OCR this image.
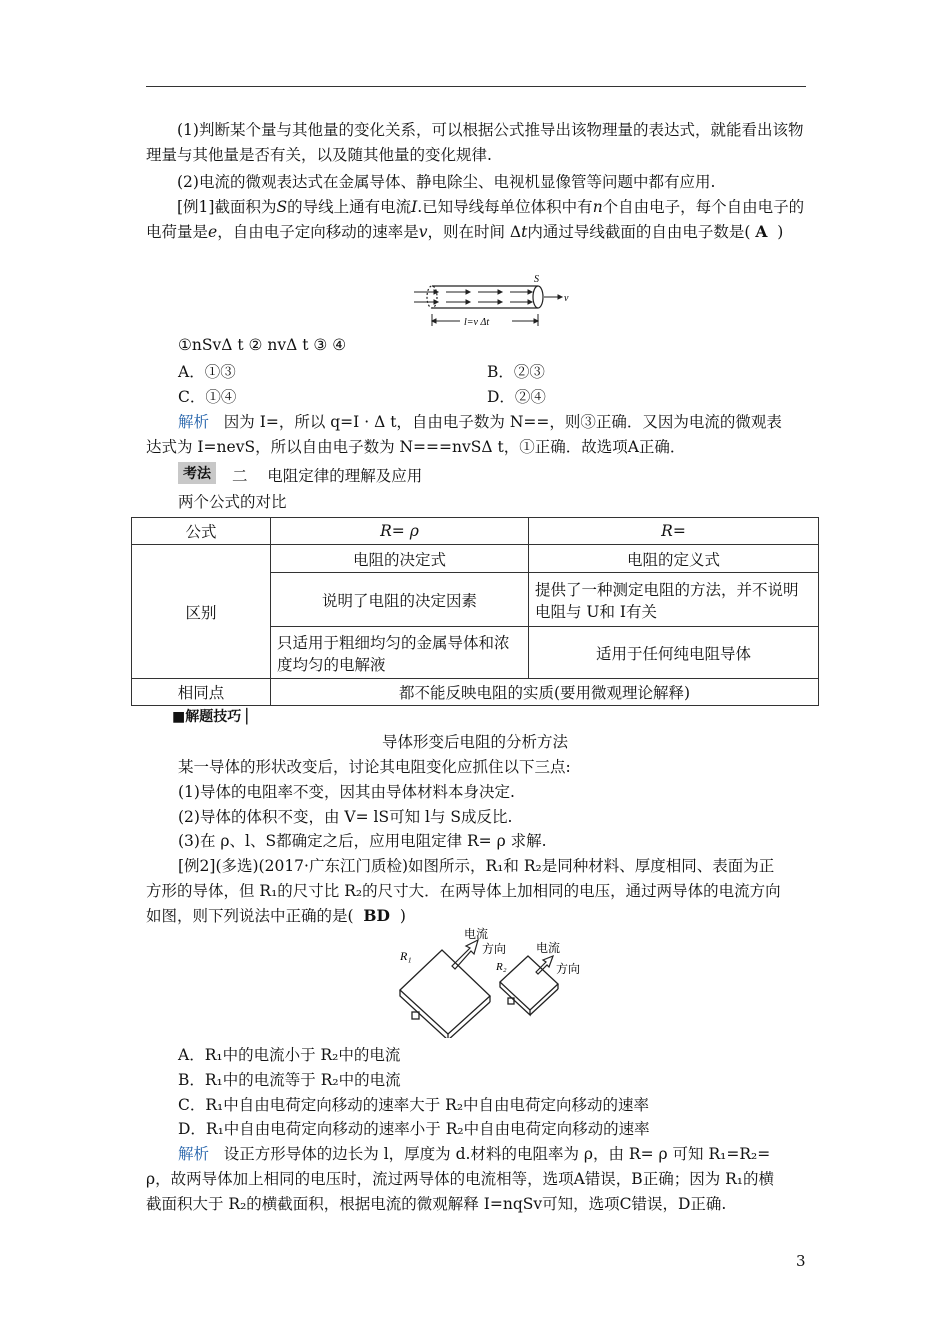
(1)判断某个量与其他量的变化关系，可以根据公式推导出该物理量的表达式，就能看出该物理量与其他量是否有关，以及随其他量的变化规律.
(2)电流的微观表达式在金属导体、静电除尘、电视机显像管等问题中都有应用.
[例1]截面积为S的导线上通有电流I.已知导线每单位体积中有n个自由电子，每个自由电子的电荷量是e，自由电子定向移动的速率是v，则在时间 Δt内通过导线截面的自由电子数是( A )
S
v
l=v Δt
①nSvΔ t ② nvΔ t ③ ④
A．①③	B．②③
C．①④	D．②④
解析 因为 I=，所以 q=I · Δ t，自由电子数为 N==，则③正确．又因为电流的微观表
达式为 I=nevS，所以自由电子数为 N===nvSΔ t，①正确．故选项A正确．
考法	二 电阻定律的理解及应用
两个公式的对比
公式	R= ρ	R=
区别	电阻的决定式	电阻的定义式
	说明了电阻的决定因素	提供了一种测定电阻的方法，并不说明电阻与 U和 I有关
	只适用于粗细均匀的金属导体和浓度均匀的电解液	适用于任何纯电阻导体
相同点	都不能反映电阻的实质(要用微观理论解释)	
■解题技巧 ▏
导体形变后电阻的分析方法
某一导体的形状改变后，讨论其电阻变化应抓住以下三点:
(1)导体的电阻率不变，因其由导体材料本身决定.
(2)导体的体积不变，由 V= lS可知 l与 S成反比.
(3)在 ρ、l、S都确定之后，应用电阻定律 R= ρ 求解.
[例2](多选)(2017·广东江门质检)如图所示，R₁和 R₂是同种材料、厚度相同、表面为正
方形的导体，但 R₁的尺寸比 R₂的尺寸大．在两导体上加相同的电压，通过两导体的电流方向
如图，则下列说法中正确的是( BD )
R₁
R₂
电流
方向 电流
方向
A．R₁中的电流小于 R₂中的电流
B．R₁中的电流等于 R₂中的电流
C．R₁中自由电荷定向移动的速率大于 R₂中自由电荷定向移动的速率
D．R₁中自由电荷定向移动的速率小于 R₂中自由电荷定向移动的速率
解析 设正方形导体的边长为 l，厚度为 d.材料的电阻率为 ρ，由 R= ρ 可知 R₁=R₂=
ρ，故两导体加上相同的电压时，流过两导体的电流相等，选项A错误，B正确；因为 R₁的横
截面积大于 R₂的横截面积，根据电流的微观解释 I=nqSv可知，选项C错误，D正确.
3
